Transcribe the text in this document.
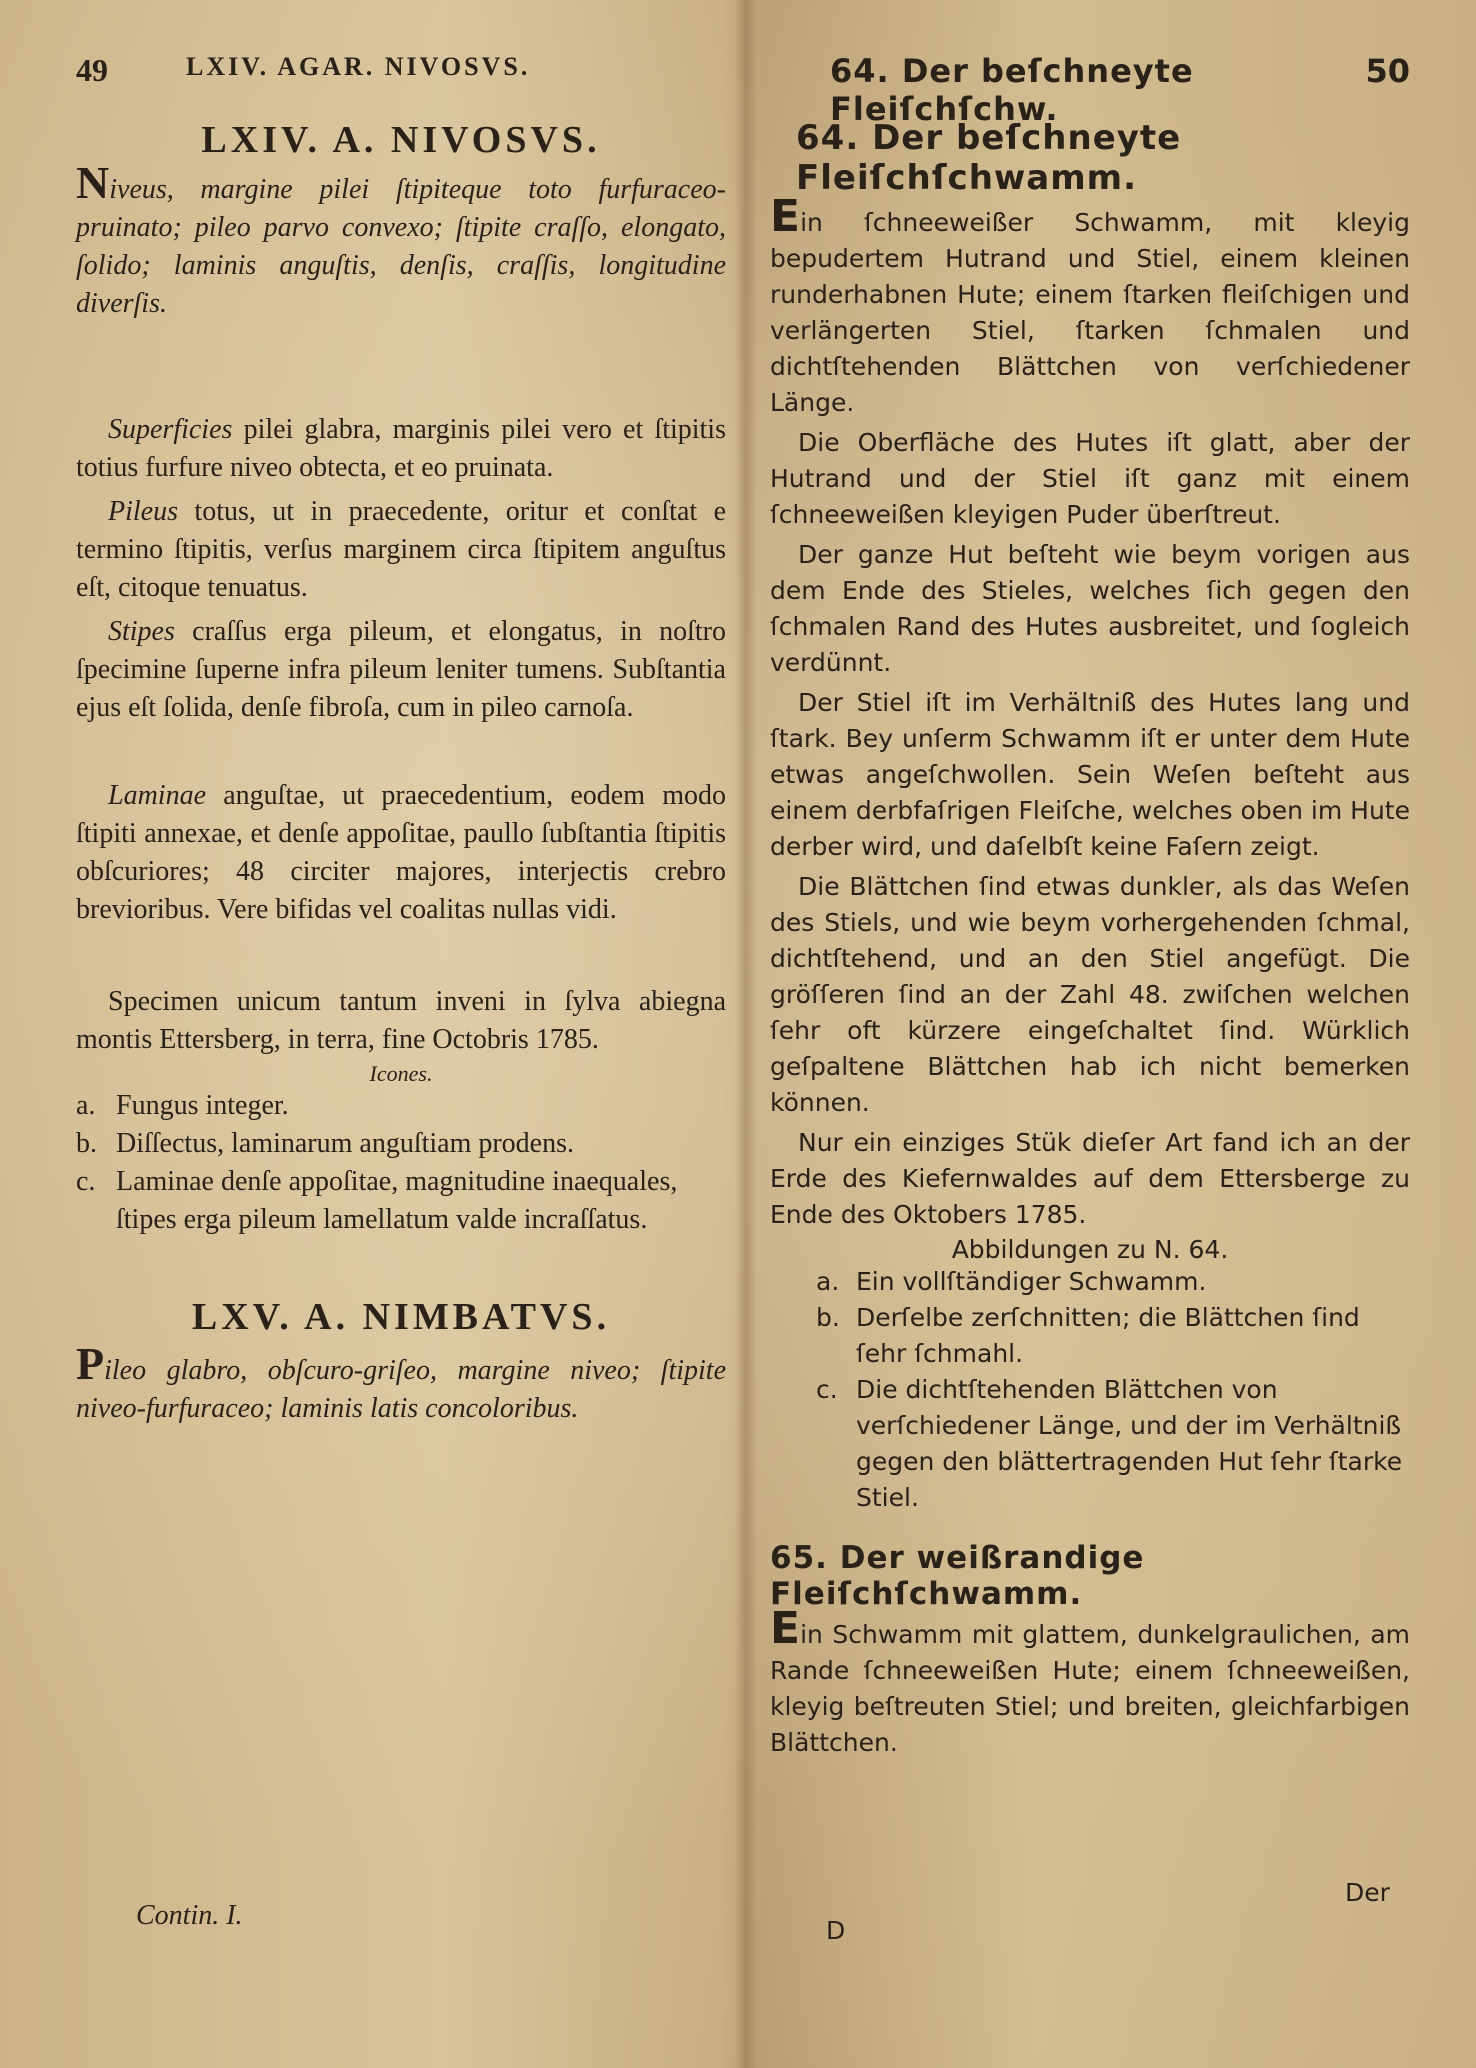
49	LXIV. AGAR. NIVOSVS.
LXIV. A. NIVOSVS.

Niveus, margine pilei ſtipiteque toto furfuraceo-pruinato; pileo parvo convexo; ſtipite craſſo, elongato, ſolido; laminis anguſtis, denſis, craſſis, longitudine diverſis.

Superficies pilei glabra, marginis pilei vero et ſtipitis totius furfure niveo obtecta, et eo pruinata.

Pileus totus, ut in praecedente, oritur et conſtat e termino ſtipitis, verſus marginem circa ſtipitem anguſtus eſt, citoque tenuatus.

Stipes craſſus erga pileum, et elongatus, in noſtro ſpecimine ſuperne infra pileum leniter tumens. Subſtantia ejus eſt ſolida, denſe fibroſa, cum in pileo carnoſa.

Laminae anguſtae, ut praecedentium, eodem modo ſtipiti annexae, et denſe appoſitae, paullo ſubſtantia ſtipitis obſcuriores; 48 circiter majores, interjectis crebro brevioribus. Vere bifidas vel coalitas nullas vidi.

Specimen unicum tantum inveni in ſylva abiegna montis Ettersberg, in terra, fine Octobris 1785.

Icones.

a. Fungus integer.
b. Diſſectus, laminarum anguſtiam prodens.
c. Laminae denſe appoſitae, magnitudine inaequales, ſtipes erga pileum lamellatum valde incraſſatus.
LXV. A. NIMBATVS.

Pileo glabro, obſcuro-griſeo, margine niveo; ſtipite niveo-furfuraceo; laminis latis concoloribus.

Contin. I.
64. Der beſchneyte Fleiſchſchw.
50
64. Der beſchneyte Fleiſchſchwamm.

Ein ſchneeweißer Schwamm, mit kleyig bepudertem Hutrand und Stiel, einem kleinen runderhabnen Hute; einem ſtarken fleiſchigen und verlängerten Stiel, ſtarken ſchmalen und dichtſtehenden Blättchen von verſchiedener Länge.

Die Oberfläche des Hutes iſt glatt, aber der Hutrand und der Stiel iſt ganz mit einem ſchneeweißen kleyigen Puder überſtreut.

Der ganze Hut beſteht wie beym vorigen aus dem Ende des Stieles, welches ſich gegen den ſchmalen Rand des Hutes ausbreitet, und ſogleich verdünnt.

Der Stiel iſt im Verhältniß des Hutes lang und ſtark. Bey unſerm Schwamm iſt er unter dem Hute etwas angeſchwollen. Sein Weſen beſteht aus einem derbfaſrigen Fleiſche, welches oben im Hute derber wird, und daſelbſt keine Faſern zeigt.

Die Blättchen ſind etwas dunkler, als das Weſen des Stiels, und wie beym vorhergehenden ſchmal, dichtſtehend, und an den Stiel angefügt. Die gröſſeren ſind an der Zahl 48. zwiſchen welchen ſehr oft kürzere eingeſchaltet ſind. Würklich geſpaltene Blättchen hab ich nicht bemerken können.

Nur ein einziges Stük dieſer Art fand ich an der Erde des Kiefernwaldes auf dem Ettersberge zu Ende des Oktobers 1785.

Abbildungen zu N. 64.

a. Ein vollſtändiger Schwamm.
b. Derſelbe zerſchnitten; die Blättchen ſind ſehr ſchmahl.
c. Die dichtſtehenden Blättchen von verſchiedener Länge, und der im Verhältniß gegen den blättertragenden Hut ſehr ſtarke Stiel.
65. Der weißrandige Fleiſchſchwamm.

Ein Schwamm mit glattem, dunkelgraulichen, am Rande ſchneeweißen Hute; einem ſchneeweißen, kleyig beſtreuten Stiel; und breiten, gleichfarbigen Blättchen.

Der
D
